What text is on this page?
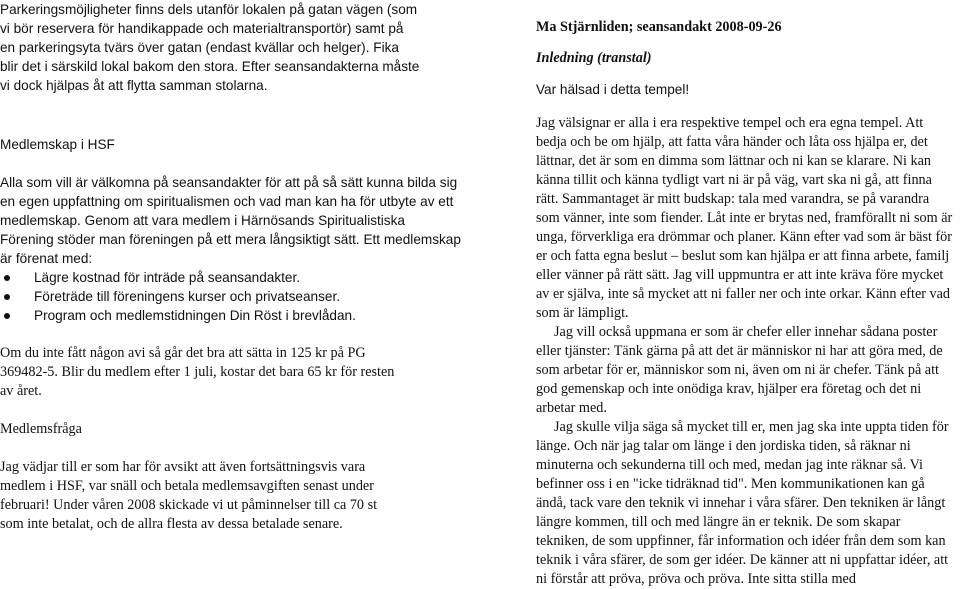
Parkeringsmöjligheter finns dels utanför lokalen på gatan vägen (som vi bör reservera för handikappade och materialtransportör) samt på en parkeringsyta tvärs över gatan (endast kvällar och helger). Fika blir det i särskild lokal bakom den stora. Efter seansandakterna måste vi dock hjälpas åt att flytta samman stolarna.

Medlemskap i HSF

Alla som vill är välkomna på seansandakter för att på så sätt kunna bilda sig en egen uppfattning om spiritualismen och vad man kan ha för utbyte av ett medlemskap. Genom att vara medlem i Härnösands Spiritualistiska Förening stöder man föreningen på ett mera långsiktigt sätt. Ett medlemskap är förenat med:

Lägre kostnad för inträde på seansandakter.
Företräde till föreningens kurser och privatseanser.
Program och medlemstidningen Din Röst i brevlådan.

Om du inte fått någon avi så går det bra att sätta in 125 kr på PG 369482-5. Blir du medlem efter 1 juli, kostar det bara 65 kr för resten av året.

Medlemsfråga

Jag vädjar till er som har för avsikt att även fortsättningsvis vara medlem i HSF, var snäll och betala medlemsavgiften senast under februari! Under våren 2008 skickade vi ut påminnelser till ca 70 st som inte betalat, och de allra flesta av dessa betalade senare.

Ma Stjärnliden; seansandakt 2008-09-26
Inledning (transtal)

Var hälsad i detta tempel!

Jag välsignar er alla i era respektive tempel och era egna tempel. Att bedja och be om hjälp, att fatta våra händer och låta oss hjälpa er, det lättnar, det är som en dimma som lättnar och ni kan se klarare. Ni kan känna tillit och känna tydligt vart ni är på väg, vart ska ni gå, att finna rätt. Sammantaget är mitt budskap: tala med varandra, se på varandra som vänner, inte som fiender. Låt inte er brytas ned, framförallt ni som är unga, förverkliga era drömmar och planer. Känn efter vad som är bäst för er och fatta egna beslut – beslut som kan hjälpa er att finna arbete, familj eller vänner på rätt sätt. Jag vill uppmuntra er att inte kräva före mycket av er själva, inte så mycket att ni faller ner och inte orkar. Känn efter vad som är lämpligt.

Jag vill också uppmana er som är chefer eller innehar sådana poster eller tjänster: Tänk gärna på att det är människor ni har att göra med, de som arbetar för er, människor som ni, även om ni är chefer. Tänk på att god gemenskap och inte onödiga krav, hjälper era företag och det ni arbetar med.

Jag skulle vilja säga så mycket till er, men jag ska inte uppta tiden för länge. Och när jag talar om länge i den jordiska tiden, så räknar ni minuterna och sekunderna till och med, medan jag inte räknar så. Vi befinner oss i en "icke tidräknad tid". Men kommunikationen kan gå ändå, tack vare den teknik vi innehar i våra sfärer. Den tekniken är långt längre kommen, till och med längre än er teknik. De som skapar tekniken, de som uppfinner, får information och idéer från dem som kan teknik i våra sfärer, de som ger idéer. De känner att ni uppfattar idéer, att ni förstår att pröva, pröva och pröva. Inte sitta stilla med
